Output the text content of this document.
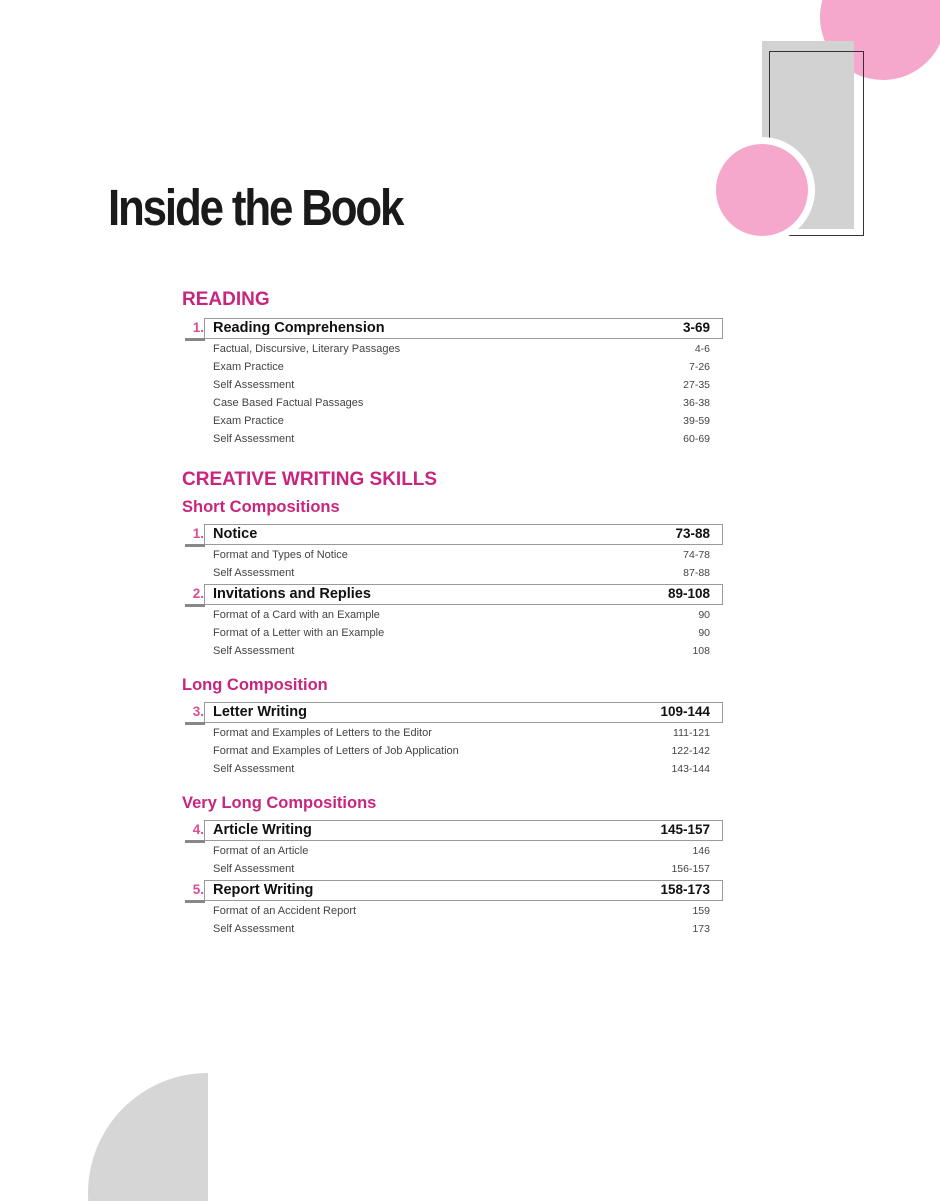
Inside the Book
READING
1. Reading Comprehension	3-69
Factual, Discursive, Literary Passages	4-6
Exam Practice	7-26
Self Assessment	27-35
Case Based Factual Passages	36-38
Exam Practice	39-59
Self Assessment	60-69
CREATIVE WRITING SKILLS
Short Compositions
1. Notice	73-88
Format and Types of Notice	74-78
Self Assessment	87-88
2. Invitations and Replies	89-108
Format of a Card with an Example	90
Format of a Letter with an Example	90
Self Assessment	108
Long Composition
3. Letter Writing	109-144
Format and Examples of Letters to the Editor	111-121
Format and Examples of Letters of Job Application	122-142
Self Assessment	143-144
Very Long Compositions
4. Article Writing	145-157
Format of an Article	146
Self Assessment	156-157
5. Report Writing	158-173
Format of an Accident Report	159
Self Assessment	173
